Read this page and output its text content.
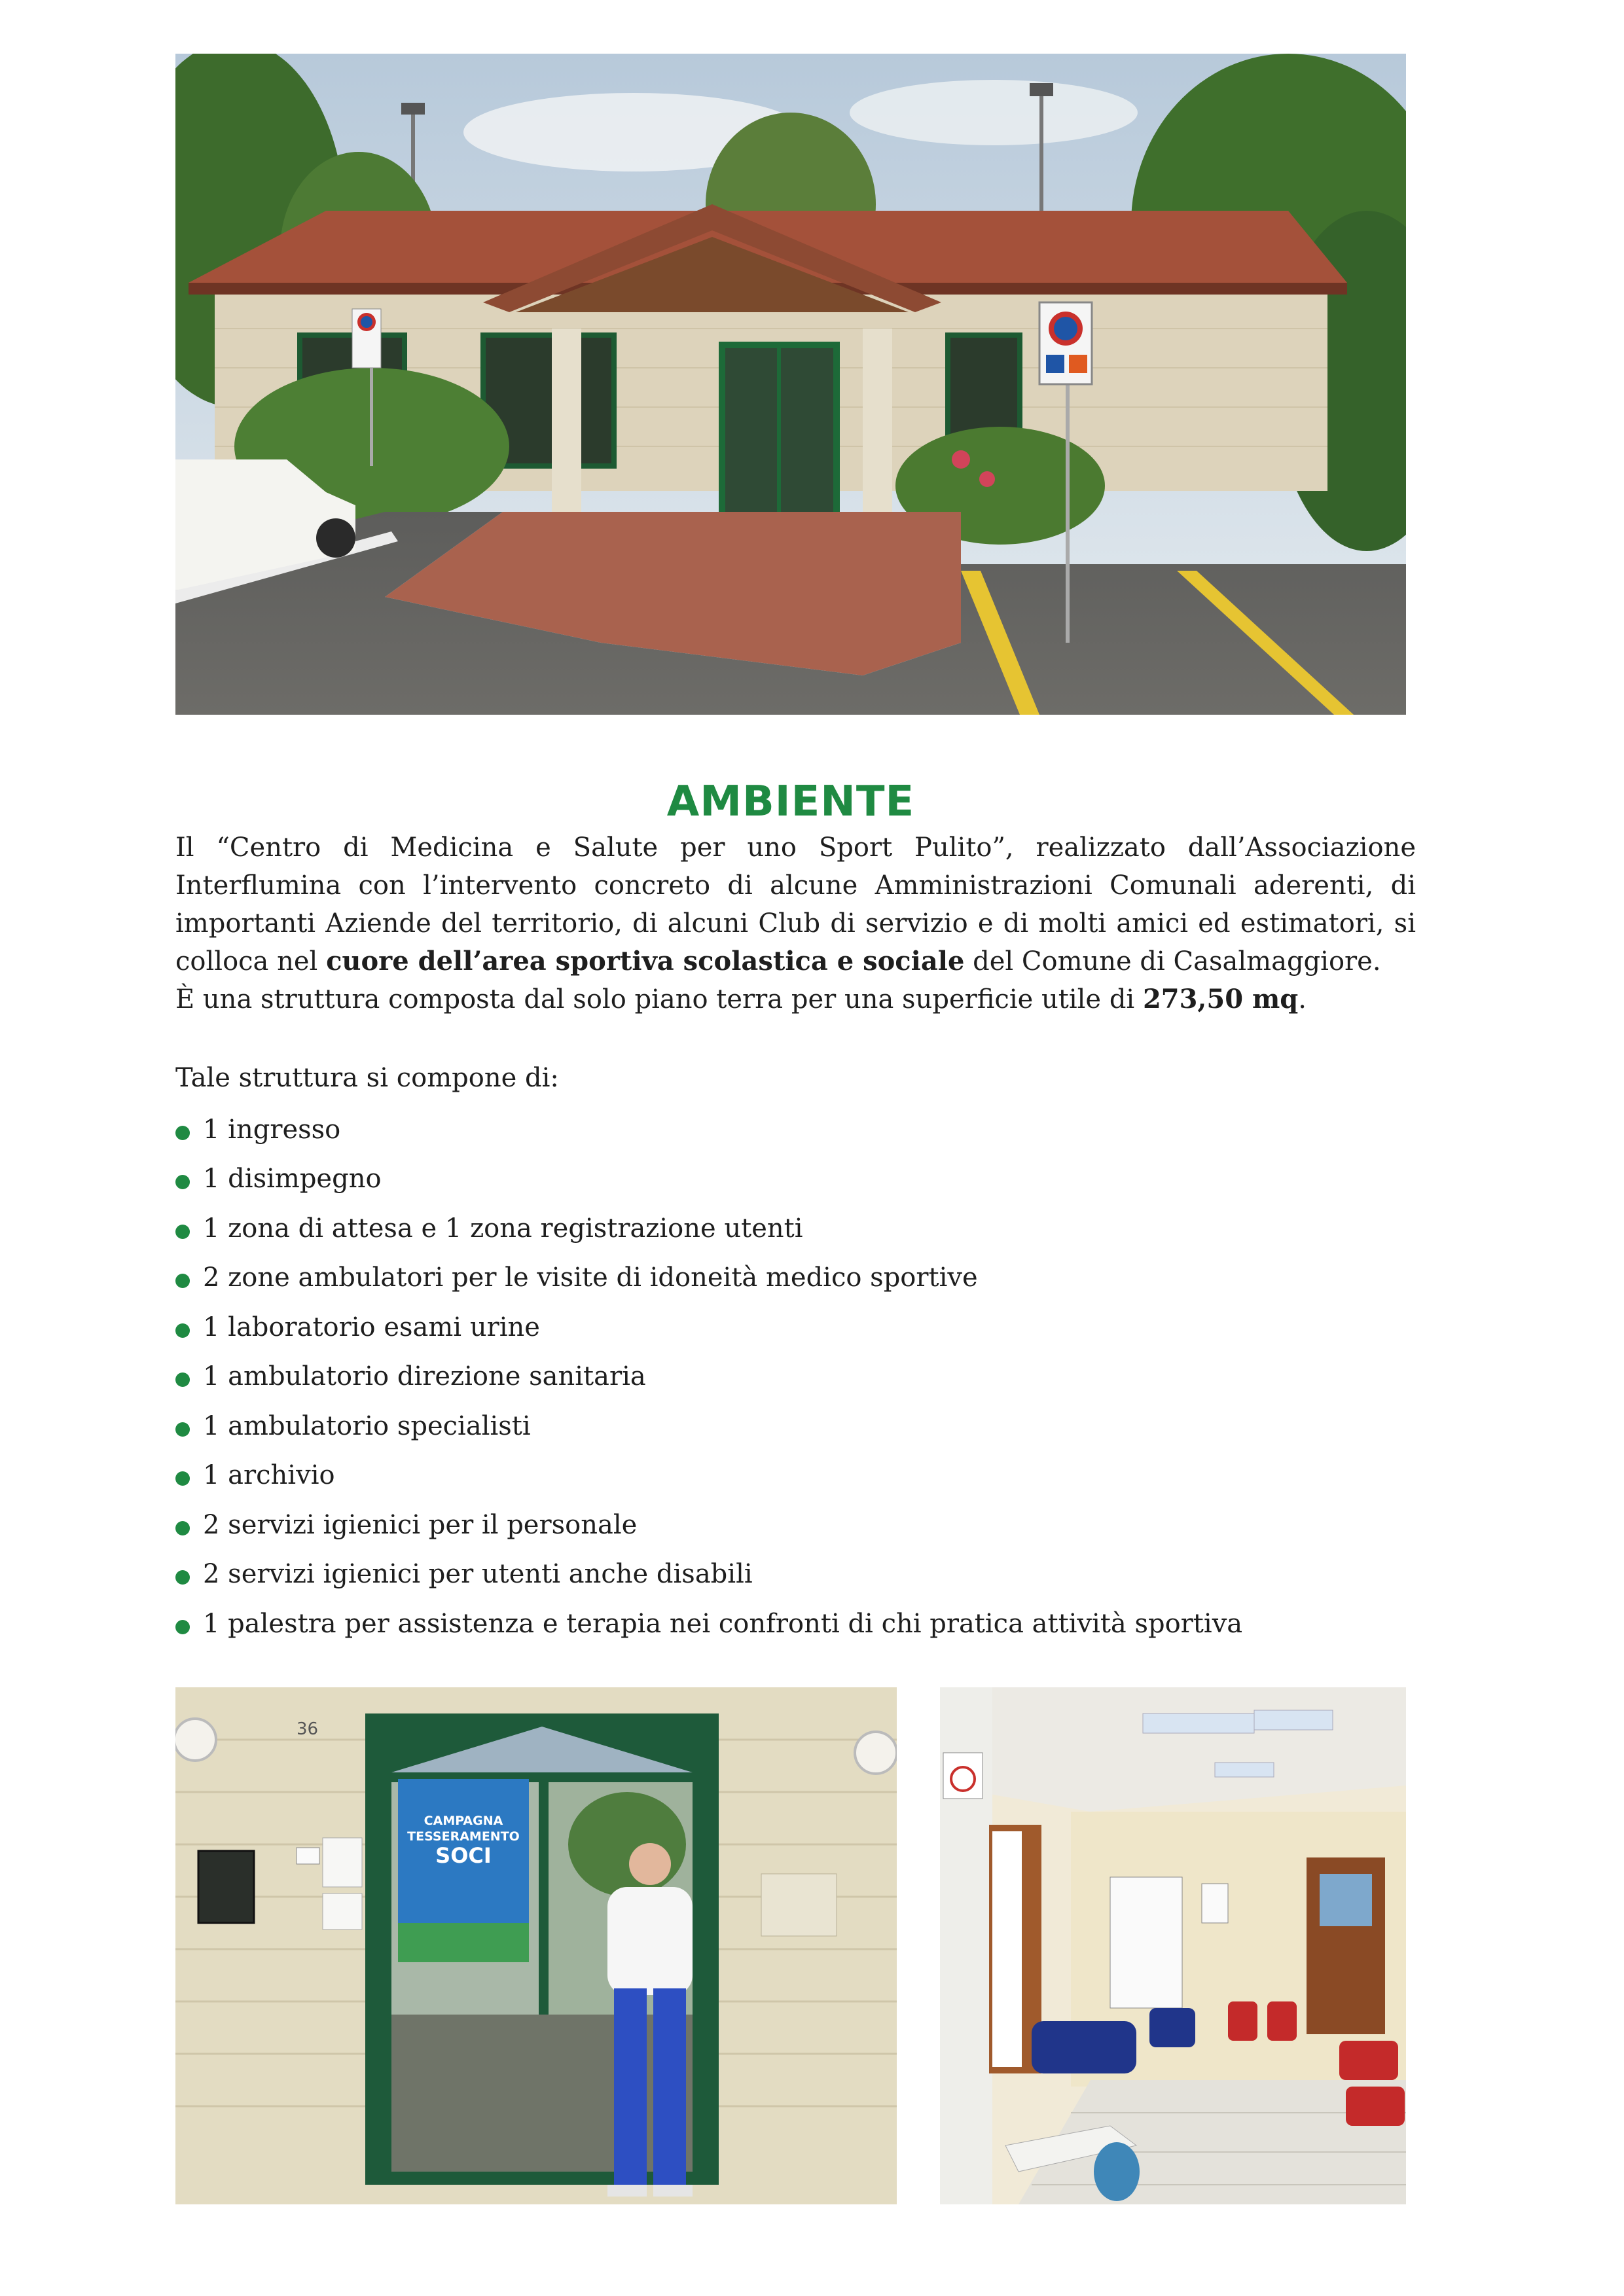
AMBIENTE

Il “Centro di Medicina e Salute per uno Sport Pulito”, realizzato dall’Associazione Interflumina con l’intervento concreto di alcune Amministrazioni Comunali aderenti, di importanti Aziende del territorio, di alcuni Club di servizio e di molti amici ed estimatori, si colloca nel cuore dell’area sportiva scolastica e sociale del Comune di Casalmaggiore.

È una struttura composta dal solo piano terra per una superficie utile di 273,50 mq.

Tale struttura si compone di:
1 ingresso
1 disimpegno
1 zona di attesa e 1 zona registrazione utenti
2 zone ambulatori per le visite di idoneità medico sportive
1 laboratorio esami urine
1 ambulatorio direzione sanitaria
1 ambulatorio specialisti
1 archivio
2 servizi igienici per il personale
2 servizi igienici per utenti anche disabili
1 palestra per assistenza e terapia nei confronti di chi pratica attività sportiva
36
CAMPAGNA
TESSERAMENTO
SOCI
